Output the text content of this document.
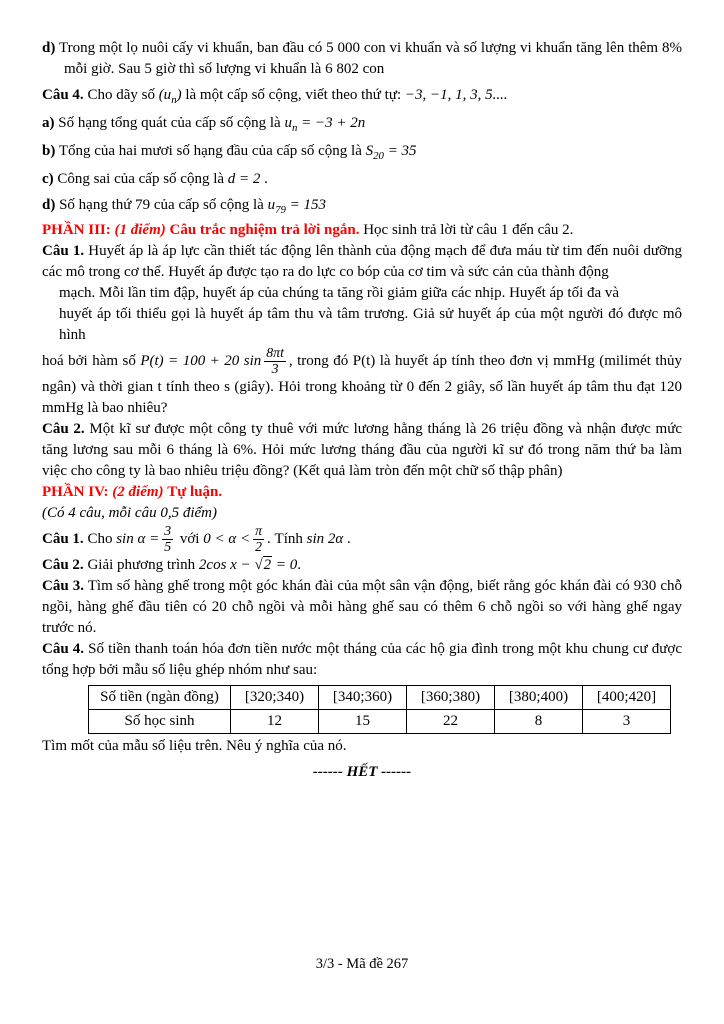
d) Trong một lọ nuôi cấy vi khuẩn, ban đầu có 5 000 con vi khuẩn và số lượng vi khuẩn tăng lên thêm 8% mỗi giờ. Sau 5 giờ thì số lượng vi khuẩn là 6 802 con

Câu 4. Cho dãy số $(u_n)$ là một cấp số cộng, viết theo thứ tự: −3, −1, 1, 3, 5....

a) Số hạng tổng quát của cấp số cộng là $u_n = -3 + 2n$

b) Tổng của hai mươi số hạng đầu của cấp số cộng là $S_{20} = 35$

c) Công sai của cấp số cộng là d = 2 .

d) Số hạng thứ 79 của cấp số cộng là $u_{79} = 153$

PHẦN III: (1 điểm) Câu trắc nghiệm trả lời ngắn. Học sinh trả lời từ câu 1 đến câu 2.

Câu 1. Huyết áp là áp lực cần thiết tác động lên thành của động mạch để đưa máu từ tim đến nuôi dưỡng các mô trong cơ thể. Huyết áp được tạo ra do lực co bóp của cơ tim và sức cản của thành động

mạch. Mỗi lần tim đập, huyết áp của chúng ta tăng rồi giảm giữa các nhịp. Huyết áp tối đa và

huyết áp tối thiểu gọi là huyết áp tâm thu và tâm trương. Giả sử huyết áp của một người đó được mô hình

hoá bởi hàm số P(t) = 100 + 20 $\sin \frac{8\pi t}{3}$ , trong đó P(t) là huyết áp tính theo đơn vị mmHg (milimét thủy ngân) và thời gian t tính theo s (giây). Hỏi trong khoảng từ 0 đến 2 giây, số lần huyết áp tâm thu đạt 120 mmHg là bao nhiêu?

Câu 2. Một kĩ sư được một công ty thuê với mức lương hằng tháng là 26 triệu đồng và nhận được mức tăng lương sau mỗi 6 tháng là 6%. Hỏi mức lương tháng đầu của người kĩ sư đó trong năm thứ ba làm việc cho công ty là bao nhiêu triệu đồng? (Kết quả làm tròn đến một chữ số thập phân)

PHẦN IV: (2 điểm) Tự luận.

(Có 4 câu, mỗi câu 0,5 điểm)

Câu 1. Cho $\sin \alpha = \frac{3}{5}$ với $0 < \alpha < \frac{\pi}{2}$ . Tính sin 2α .

Câu 2. Giải phương trình 2cos x − √2 = 0.

Câu 3. Tìm số hàng ghế trong một góc khán đài của một sân vận động, biết rằng góc khán đài có 930 chỗ ngồi, hàng ghế đầu tiên có 20 chỗ ngồi và mỗi hàng ghế sau có thêm 6 chỗ ngồi so với hàng ghế ngay trước nó.

Câu 4. Số tiền thanh toán hóa đơn tiền nước một tháng của các hộ gia đình trong một khu chung cư được tổng hợp bởi mẫu số liệu ghép nhóm như sau:

Số tiền (ngàn đồng)	[320;340)	[340;360)	[360;380)	[380;400)	[400;420]
Số học sinh	12	15	22	8	3

Tìm mốt của mẫu số liệu trên. Nêu ý nghĩa của nó.

------ HẾT ------

3/3 - Mã đề 267
